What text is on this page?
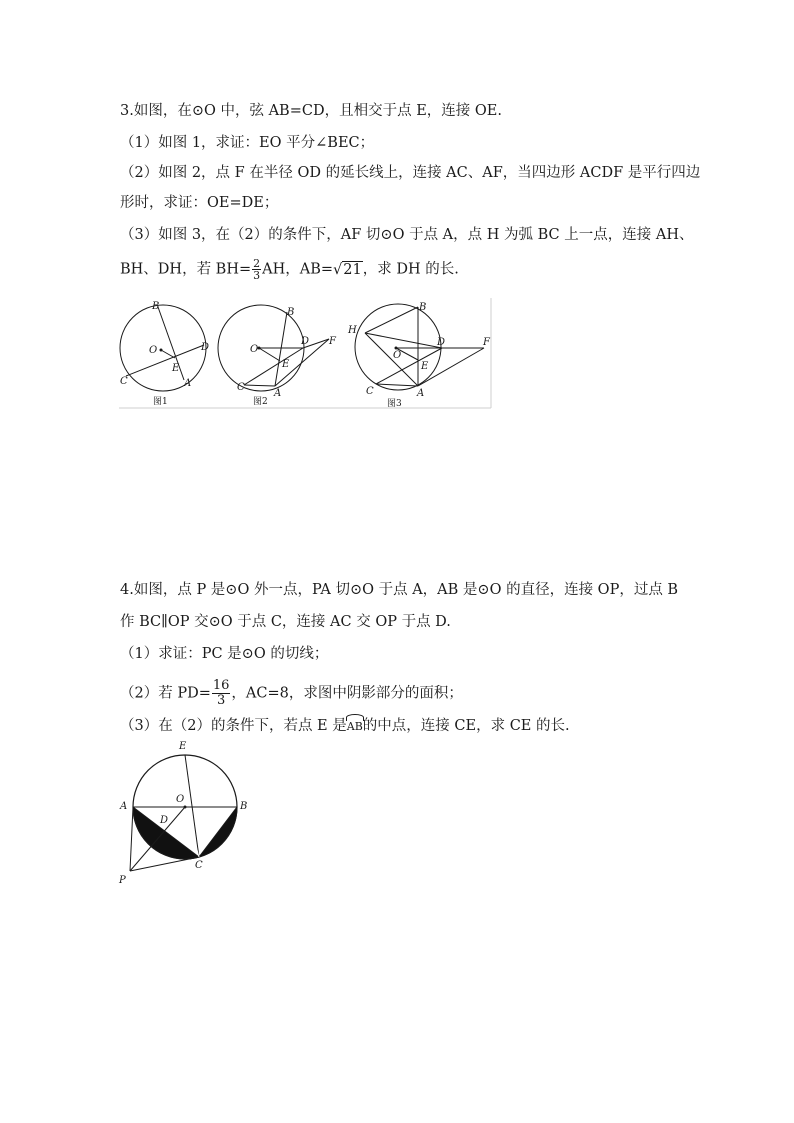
3.如图，在⊙O 中，弦 AB=CD，且相交于点 E，连接 OE.
（1）如图 1，求证：EO 平分∠BEC；
（2）如图 2，点 F 在半径 OD 的延长线上，连接 AC、AF，当四边形 ACDF 是平行四边
形时，求证：OE=DE；
（3）如图 3，在（2）的条件下，AF 切⊙O 于点 A，点 H 为弧 BC 上一点，连接 AH、
BH、DH，若 $BH= \frac{2}{3}$ AH，AB=√21，求 DH 的长.
B
O	D
E
C	A
图1
B
O
D F
E
C
A
图2
H
B
O
D	F
E
C	A
图3
4.如图，点 P 是⊙O 外一点，PA 切⊙O 于点 A，AB 是⊙O 的直径，连接 OP，过点 B
作 BC∥OP 交⊙O 于点 C，连接 AC 交 OP 于点 D.
（1）求证：PC 是⊙O 的切线；
（2）若 $PD= \frac{16}{3}$ ，AC=8，求图中阴影部分的面积；
（3）在（2）的条件下，若点 E 是AB的中点，连接 CE，求 CE 的长.
E
O
A	B
D
C
P
